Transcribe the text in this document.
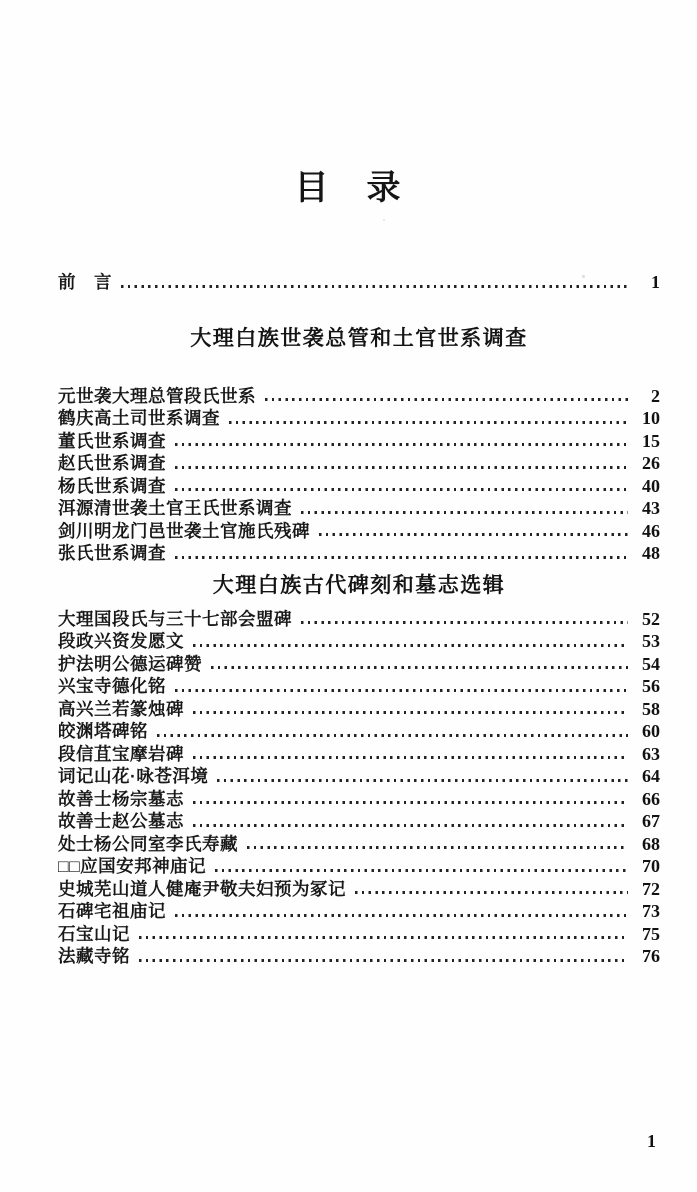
目　录
前　言	1
大理白族世袭总管和土官世系调查
元世袭大理总管段氏世系	2
鹤庆高土司世系调查	10
董氏世系调查	15
赵氏世系调查	26
杨氏世系调查	40
洱源清世袭土官王氏世系调查	43
剑川明龙门邑世袭土官施氏残碑	46
张氏世系调查	48
大理白族古代碑刻和墓志选辑
大理国段氏与三十七部会盟碑	52
段政兴资发愿文	53
护法明公德运碑赞	54
兴宝寺德化铭	56
高兴兰若篆烛碑	58
皎渊塔碑铭	60
段信苴宝摩岩碑	63
词记山花·咏苍洱境	64
故善士杨宗墓志	66
故善士赵公墓志	67
处士杨公同室李氏寿藏	68
□□应国安邦神庙记	70
史城芜山道人健庵尹敬夫妇预为冢记	72
石碑宅祖庙记	73
石宝山记	75
法藏寺铭	76
1
